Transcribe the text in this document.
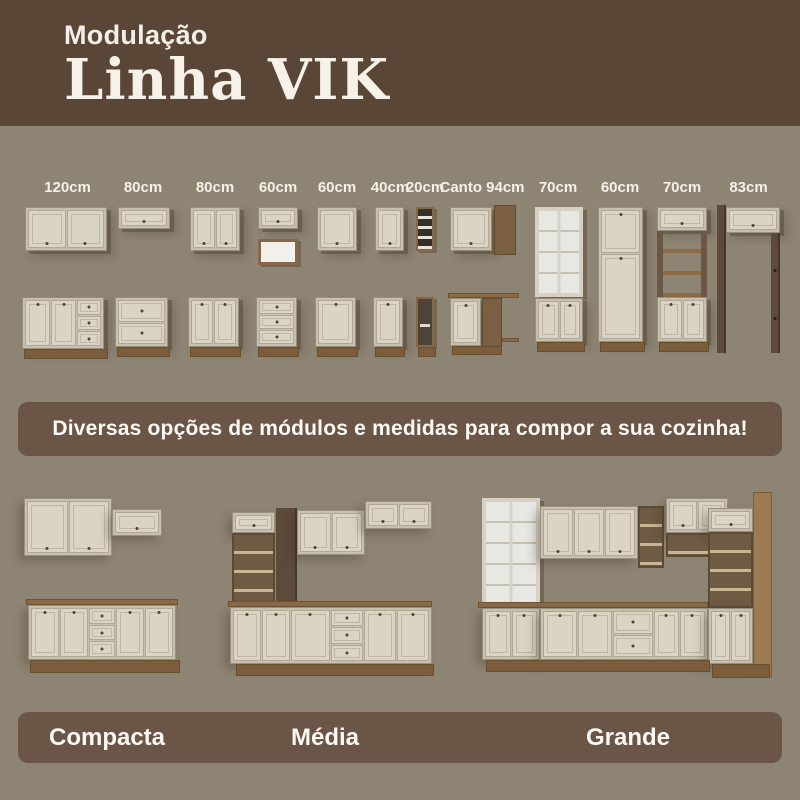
Modulação
Linha VIK
120cm	80cm	80cm	60cm	60cm 40cm
20cm
Canto 94cm 70cm	60cm	70cm	83cm
Diversas opções de módulos e medidas para compor a sua cozinha!
Compacta	Média	Grande
